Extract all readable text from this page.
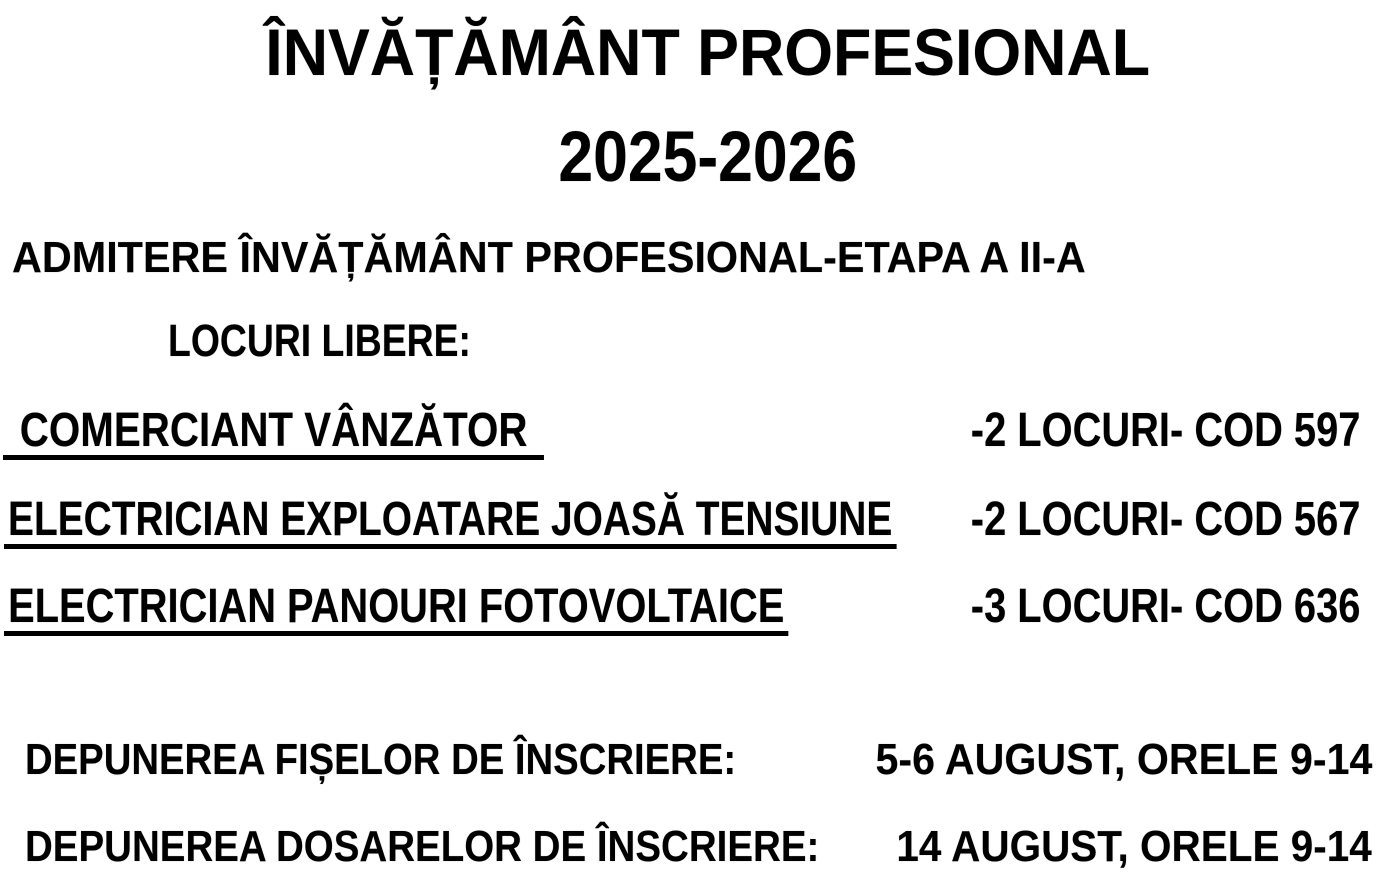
ÎNVĂȚĂMÂNT PROFESIONAL
2025-2026
ADMITERE ÎNVĂȚĂMÂNT PROFESIONAL-ETAPA A II-A
LOCURI LIBERE:
COMERCIANT VÂNZĂTOR	-2 LOCURI- COD 597
ELECTRICIAN EXPLOATARE JOASĂ TENSIUNE -2 LOCURI- COD 567
ELECTRICIAN PANOURI FOTOVOLTAICE	-3 LOCURI- COD 636
DEPUNEREA FIȘELOR DE ÎNSCRIERE:	5-6 AUGUST, ORELE 9-14
DEPUNEREA DOSARELOR DE ÎNSCRIERE: 14 AUGUST, ORELE 9-14
